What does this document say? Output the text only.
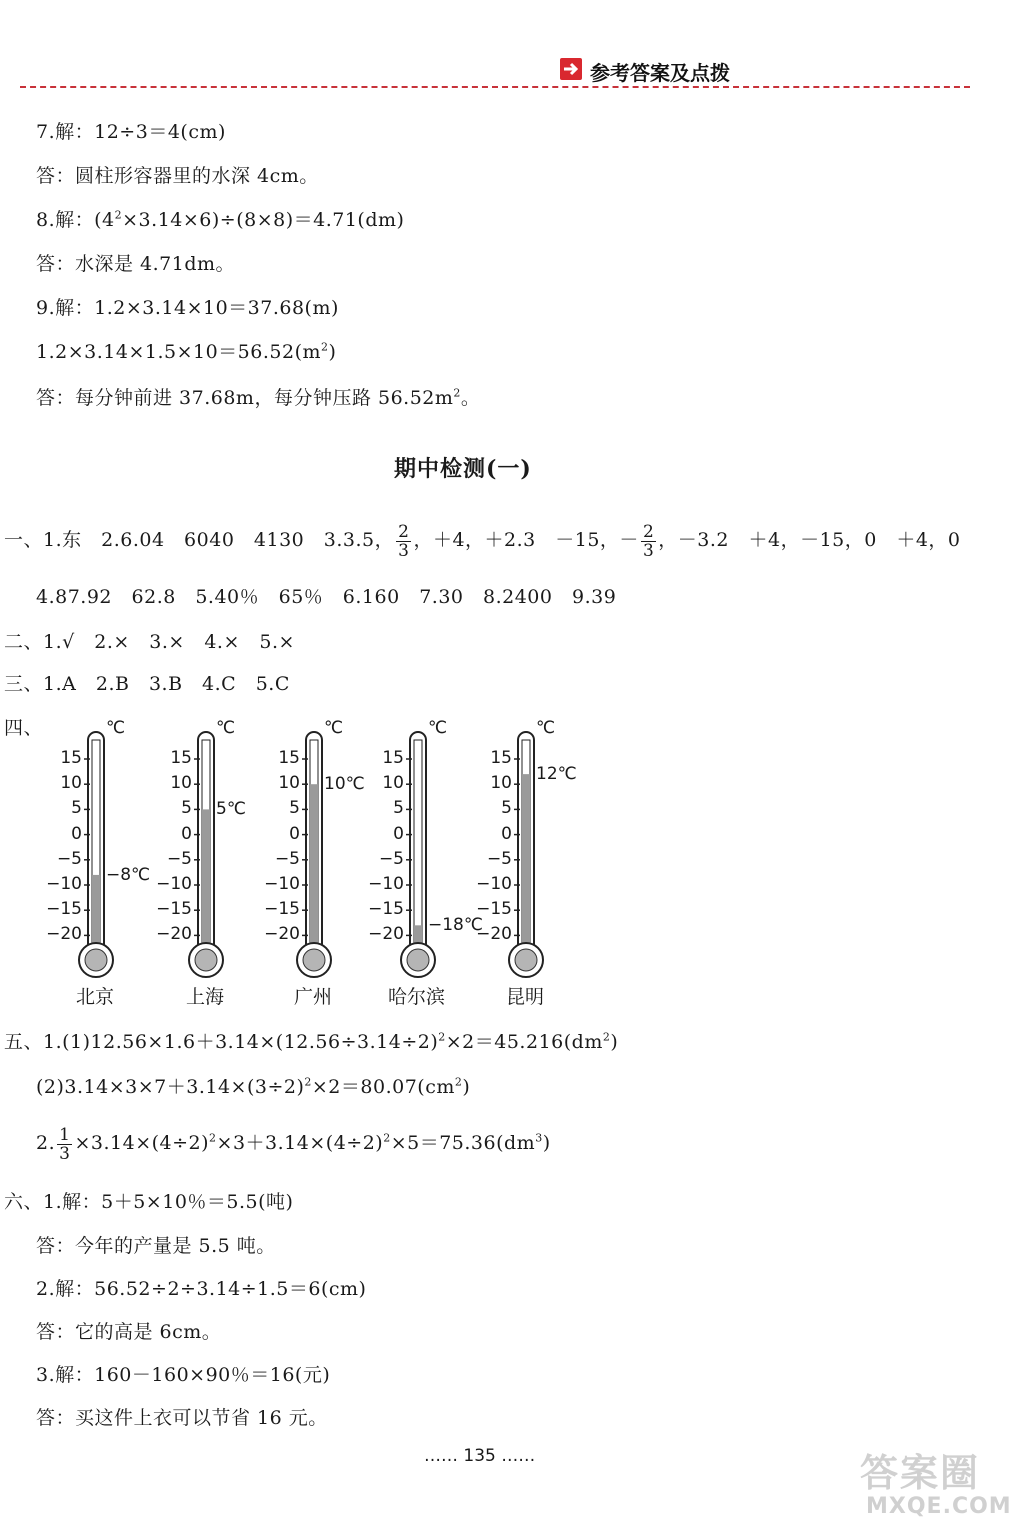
参考答案及点拨
7.解：12÷3＝4(cm)
答：圆柱形容器里的水深 4cm。
8.解：$(4^2\times 3.14\times 6)\div(8\times 8)=4.71(dm)$
答：水深是 4.71dm。
9.解：1.2×3.14×10＝37.68(m)
$1.2\times 3.14\times 1.5\times 10=56.52(m^2)$
答：每分钟前进 37.68m，每分钟压路 $56.52m^2$。
期中检测(一)
一、1.东　2.6.04　6040　4130　3.3.5， $\frac{2}{3}$ ，＋4，＋2.3　－15，－ $\frac{2}{3}$ ，－3.2　＋4，－15，0　＋4，0
4.87.92　62.8　5.40％　65％　6.160　7.30　8.2400　9.39
二、1.√　2.×　3.×　4.×　5.×
三、1.A　2.B　3.B　4.C　5.C
四、
15
10
5
0
−5
−10
−15
−20
℃
−8℃
北京
15
10
5
0
−5
−10
−15
−20
℃
5℃
上海
15
10
5
0
−5
−10
−15
−20
℃
10℃
广州
15
10
5
0
−5
−10
−15
−20
℃
−18℃
哈尔滨
15
10
5
0
−5
−10
−15
−20
℃
12℃
昆明
五、$1.(1)12.56\times 1.6+3.14\times(12.56\div 3.14\div 2)^2\times 2=45.216(dm^2)$
$(2)3.14\times 3\times 7+3.14\times(3\div 2)^2\times 2=80.07(cm^2)$
2. $\frac{1}{3} \times 3.14\times(4\div 2)^2\times 3+3.14\times(4\div 2)^2\times 5=75.36(dm^3)$
六、1.解：5＋5×10％＝5.5(吨)
答：今年的产量是 5.5 吨。
2.解：56.52÷2÷3.14÷1.5＝6(cm)
答：它的高是 6cm。
3.解：160－160×90％＝16(元)
答：买这件上衣可以节省 16 元。
…… 135 ……	答案圈
MXQE.COM
